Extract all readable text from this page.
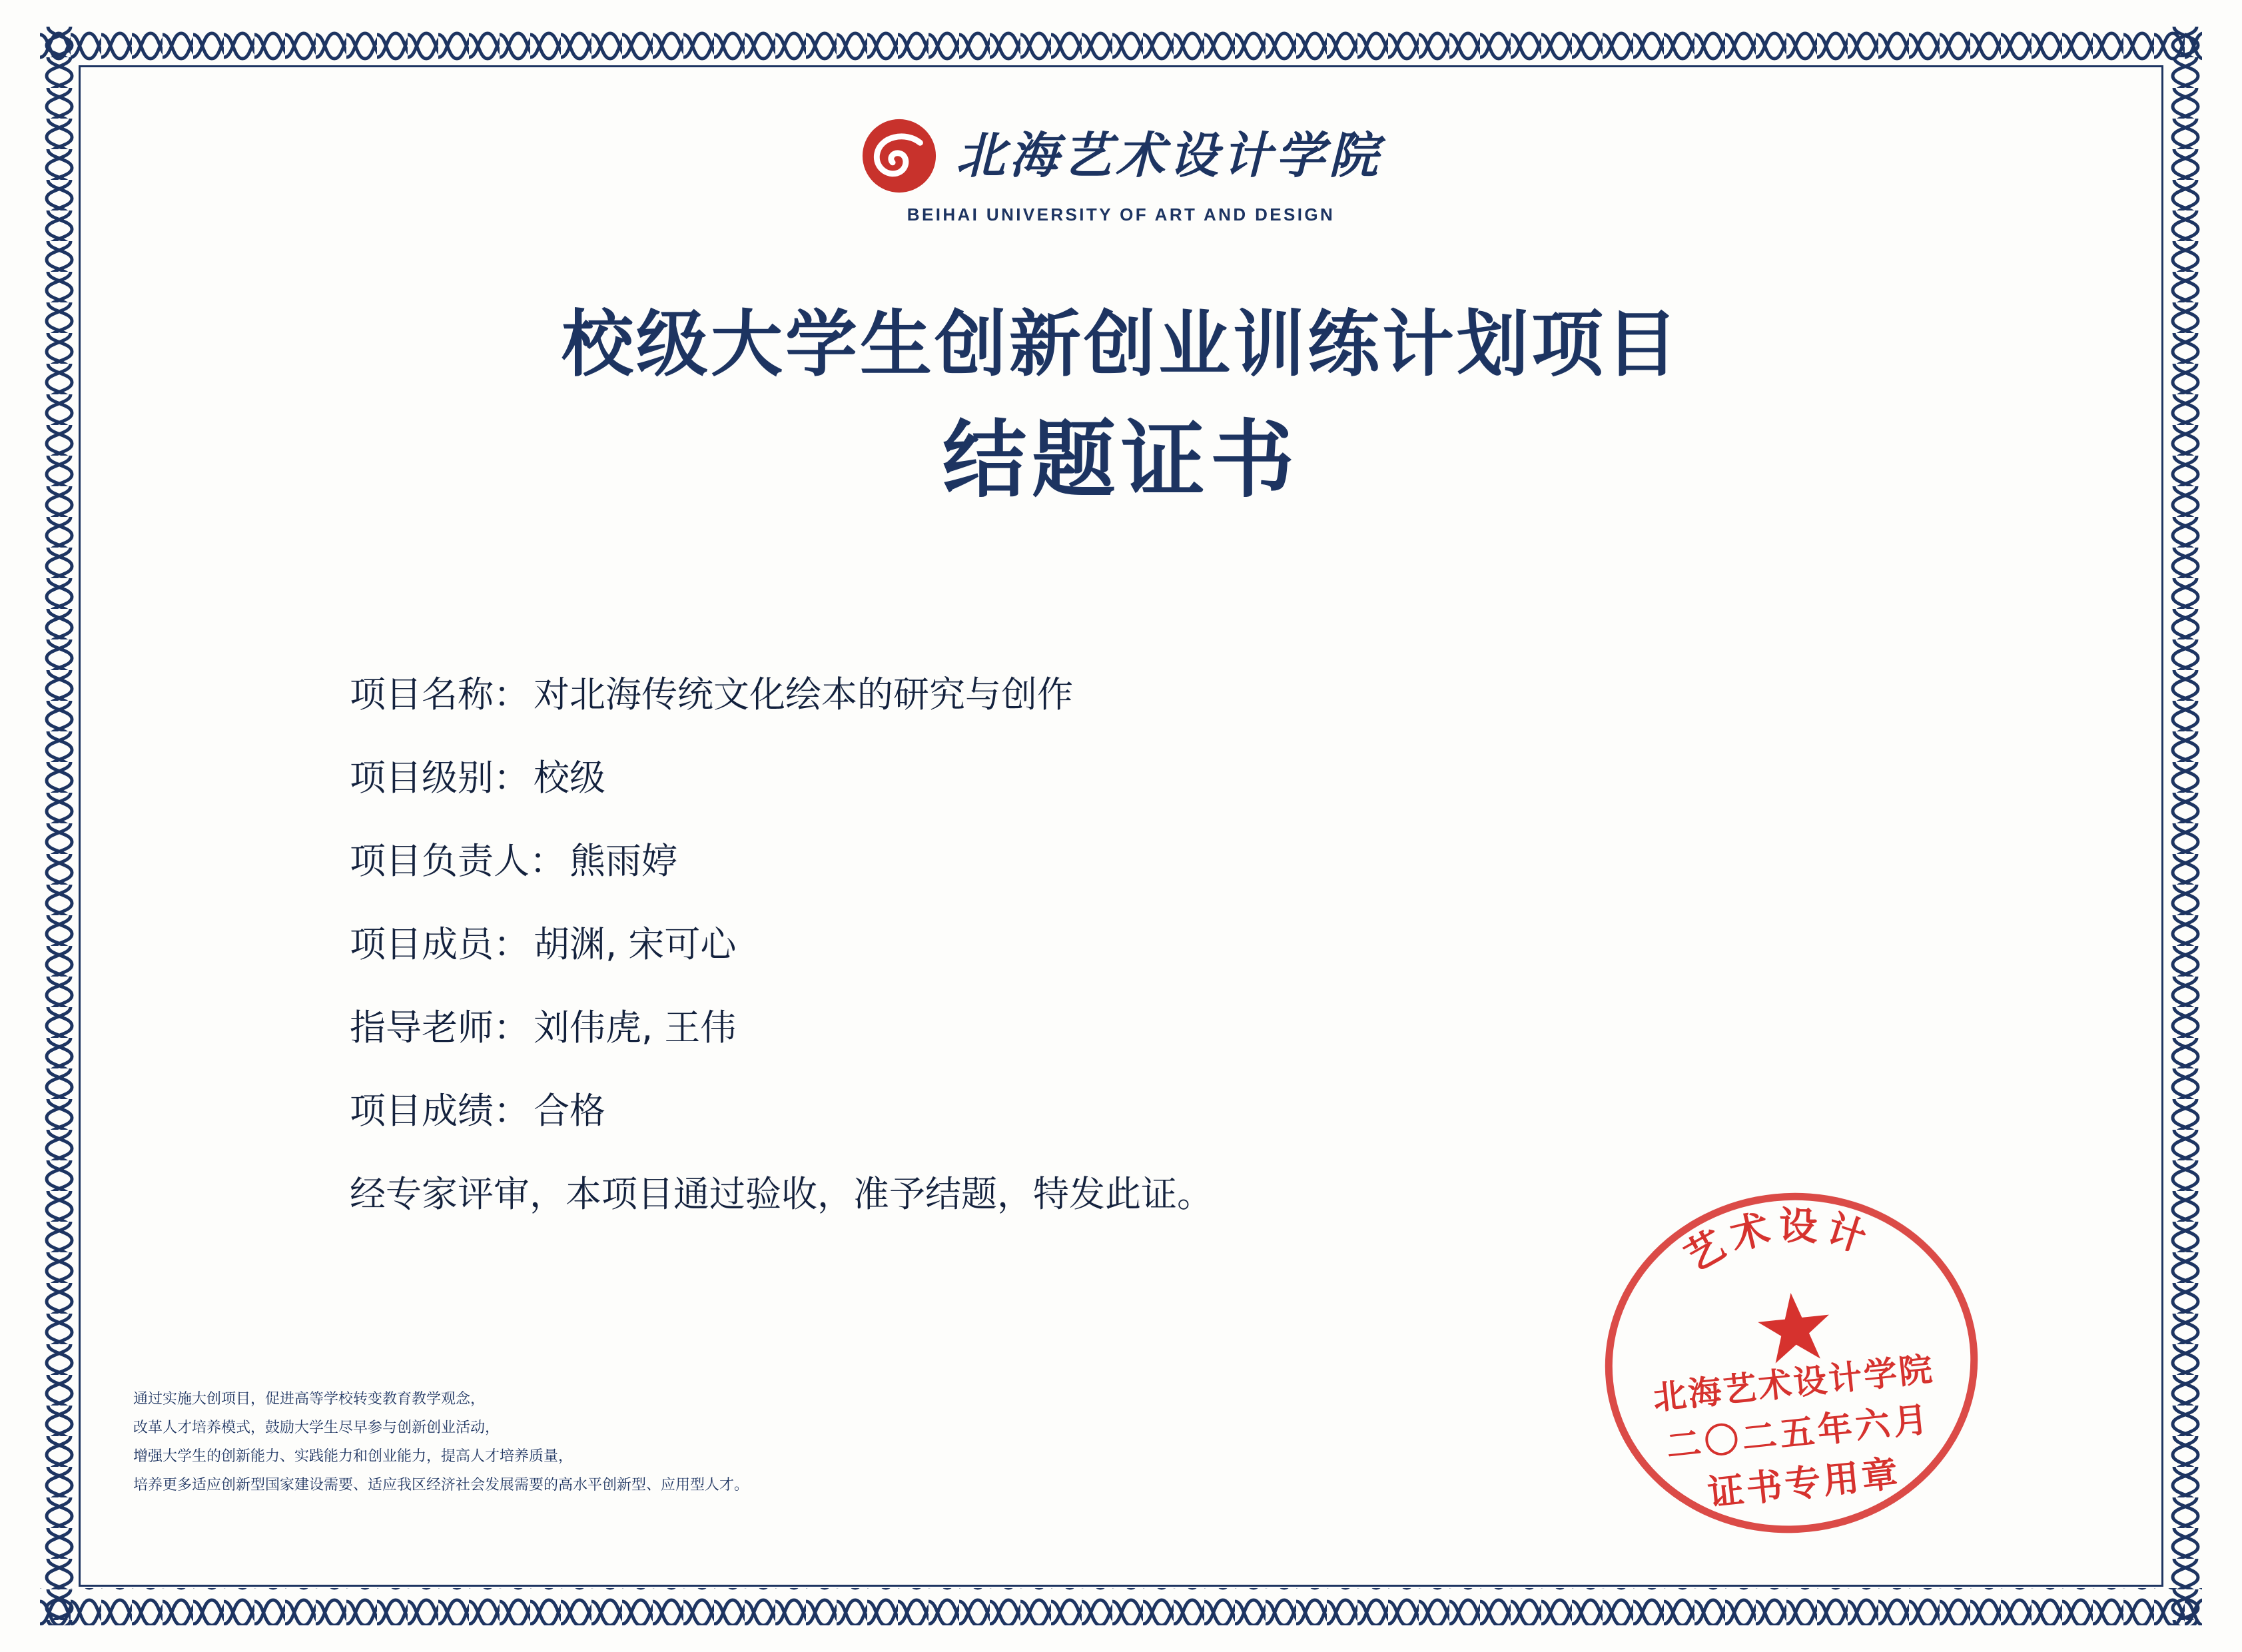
北海艺术设计学院
BEIHAI UNIVERSITY OF ART AND DESIGN
校级大学生创新创业训练计划项目
结题证书
项目名称： 对北海传统文化绘本的研究与创作
项目级别： 校级
项目负责人： 熊雨婷
项目成员： 胡渊, 宋可心
指导老师： 刘伟虎, 王伟
项目成绩： 合格
经专家评审，本项目通过验收，准予结题，特发此证。
通过实施大创项目，促进高等学校转变教育教学观念，
改革人才培养模式，鼓励大学生尽早参与创新创业活动，
增强大学生的创新能力、实践能力和创业能力，提高人才培养质量，
培养更多适应创新型国家建设需要、适应我区经济社会发展需要的高水平创新型、应用型人才。
艺术设计
北海艺术设计学院
二〇二五年六月
证书专用章
